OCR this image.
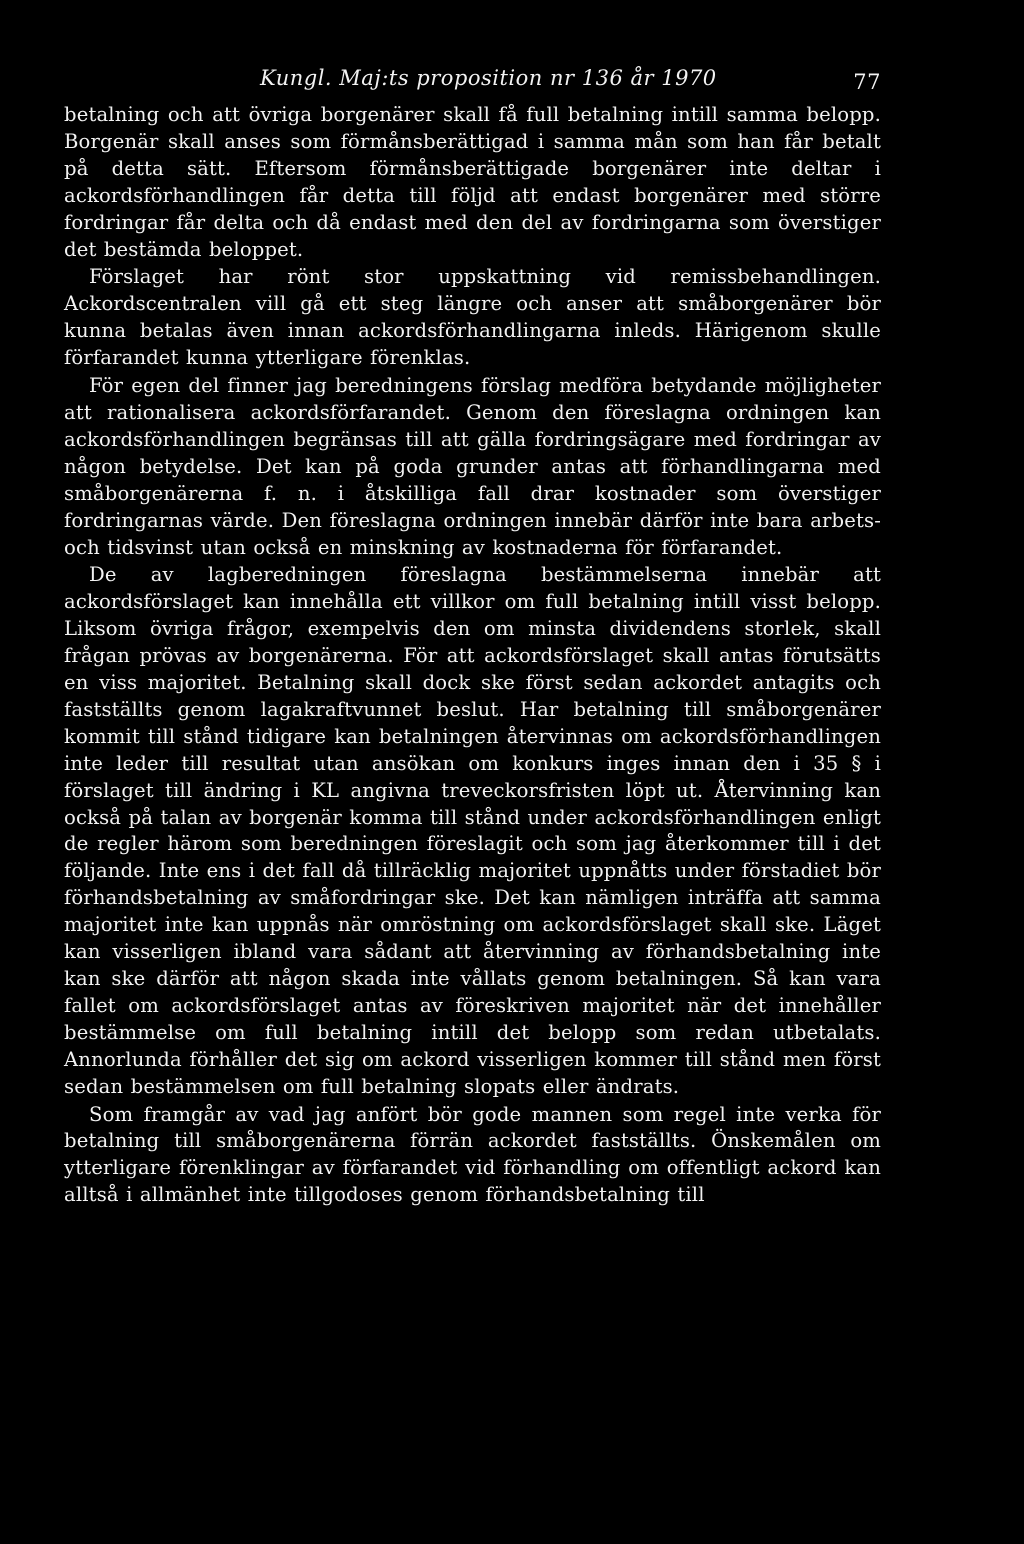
Kungl. Maj:ts proposition nr 136 år 1970	77

betalning och att övriga borgenärer skall få full betalning intill samma belopp. Borgenär skall anses som förmånsberättigad i samma mån som han får betalt på detta sätt. Eftersom förmånsberättigade borgenärer inte deltar i ackordsförhandlingen får detta till följd att endast borgenärer med större fordringar får delta och då endast med den del av fordringarna som överstiger det bestämda beloppet.

Förslaget har rönt stor uppskattning vid remissbehandlingen. Ackordscentralen vill gå ett steg längre och anser att småborgenärer bör kunna betalas även innan ackordsförhandlingarna inleds. Härigenom skulle förfarandet kunna ytterligare förenklas.

För egen del finner jag beredningens förslag medföra betydande möjligheter att rationalisera ackordsförfarandet. Genom den föreslagna ordningen kan ackordsförhandlingen begränsas till att gälla fordringsägare med fordringar av någon betydelse. Det kan på goda grunder antas att förhandlingarna med småborgenärerna f. n. i åtskilliga fall drar kostnader som överstiger fordringarnas värde. Den föreslagna ordningen innebär därför inte bara arbets- och tidsvinst utan också en minskning av kostnaderna för förfarandet.

De av lagberedningen föreslagna bestämmelserna innebär att ackordsförslaget kan innehålla ett villkor om full betalning intill visst belopp. Liksom övriga frågor, exempelvis den om minsta dividendens storlek, skall frågan prövas av borgenärerna. För att ackordsförslaget skall antas förutsätts en viss majoritet. Betalning skall dock ske först sedan ackordet antagits och fastställts genom lagakraftvunnet beslut. Har betalning till småborgenärer kommit till stånd tidigare kan betalningen återvinnas om ackordsförhandlingen inte leder till resultat utan ansökan om konkurs inges innan den i 35 § i förslaget till ändring i KL angivna treveckorsfristen löpt ut. Återvinning kan också på talan av borgenär komma till stånd under ackordsförhandlingen enligt de regler härom som beredningen föreslagit och som jag återkommer till i det följande. Inte ens i det fall då tillräcklig majoritet uppnåtts under förstadiet bör förhandsbetalning av småfordringar ske. Det kan nämligen inträffa att samma majoritet inte kan uppnås när omröstning om ackordsförslaget skall ske. Läget kan visserligen ibland vara sådant att återvinning av förhandsbetalning inte kan ske därför att någon skada inte vållats genom betalningen. Så kan vara fallet om ackordsförslaget antas av föreskriven majoritet när det innehåller bestämmelse om full betalning intill det belopp som redan utbetalats. Annorlunda förhåller det sig om ackord visserligen kommer till stånd men först sedan bestämmelsen om full betalning slopats eller ändrats.

Som framgår av vad jag anfört bör gode mannen som regel inte verka för betalning till småborgenärerna förrän ackordet fastställts. Önskemålen om ytterligare förenklingar av förfarandet vid förhandling om offentligt ackord kan alltså i allmänhet inte tillgodoses genom förhandsbetalning till
